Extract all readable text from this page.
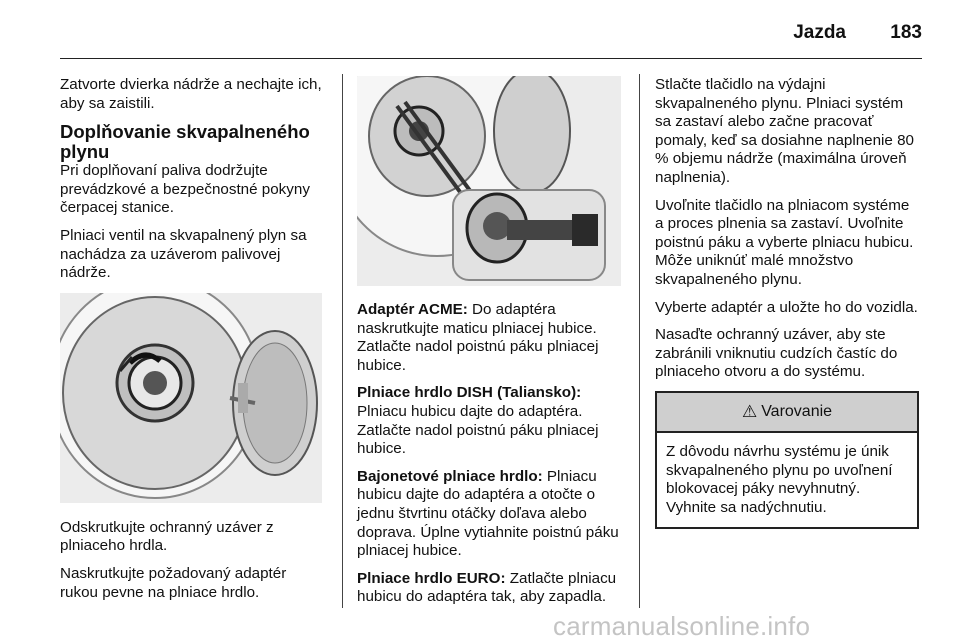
Jazda	183

Zatvorte dvierka nádrže a nechajte ich, aby sa zaistili.

Doplňovanie skvapalneného plynu

Pri doplňovaní paliva dodržujte prevádzkové a bezpečnostné pokyny čerpacej stanice.

Plniaci ventil na skvapalnený plyn sa nachádza za uzáverom palivovej nádrže.

Odskrutkujte ochranný uzáver z plniaceho hrdla.

Naskrutkujte požadovaný adaptér rukou pevne na plniace hrdlo.

Adaptér ACME: Do adaptéra naskrutkujte maticu plniacej hubice. Zatlačte nadol poistnú páku plniacej hubice.

Plniace hrdlo DISH (Taliansko): Plniacu hubicu dajte do adaptéra. Zatlačte nadol poistnú páku plniacej hubice.

Bajonetové plniace hrdlo: Plniacu hubicu dajte do adaptéra a otočte o jednu štvrtinu otáčky doľava alebo doprava. Úplne vytiahnite poistnú páku plniacej hubice.

Plniace hrdlo EURO: Zatlačte plniacu hubicu do adaptéra tak, aby zapadla.

Stlačte tlačidlo na výdajni skvapalneného plynu. Plniaci systém sa zastaví alebo začne pracovať pomaly, keď sa dosiahne naplnenie 80 % objemu nádrže (maximálna úroveň naplnenia).

Uvoľnite tlačidlo na plniacom systéme a proces plnenia sa zastaví. Uvoľnite poistnú páku a vyberte plniacu hubicu. Môže uniknúť malé množstvo skvapalneného plynu.

Vyberte adaptér a uložte ho do vozidla.

Nasaďte ochranný uzáver, aby ste zabránili vniknutiu cudzích častíc do plniaceho otvoru a do systému.

⚠ Varovanie
Z dôvodu návrhu systému je únik skvapalneného plynu po uvoľnení blokovacej páky nevyhnutný. Vyhnite sa nadýchnutiu.
carmanualsonline.info
